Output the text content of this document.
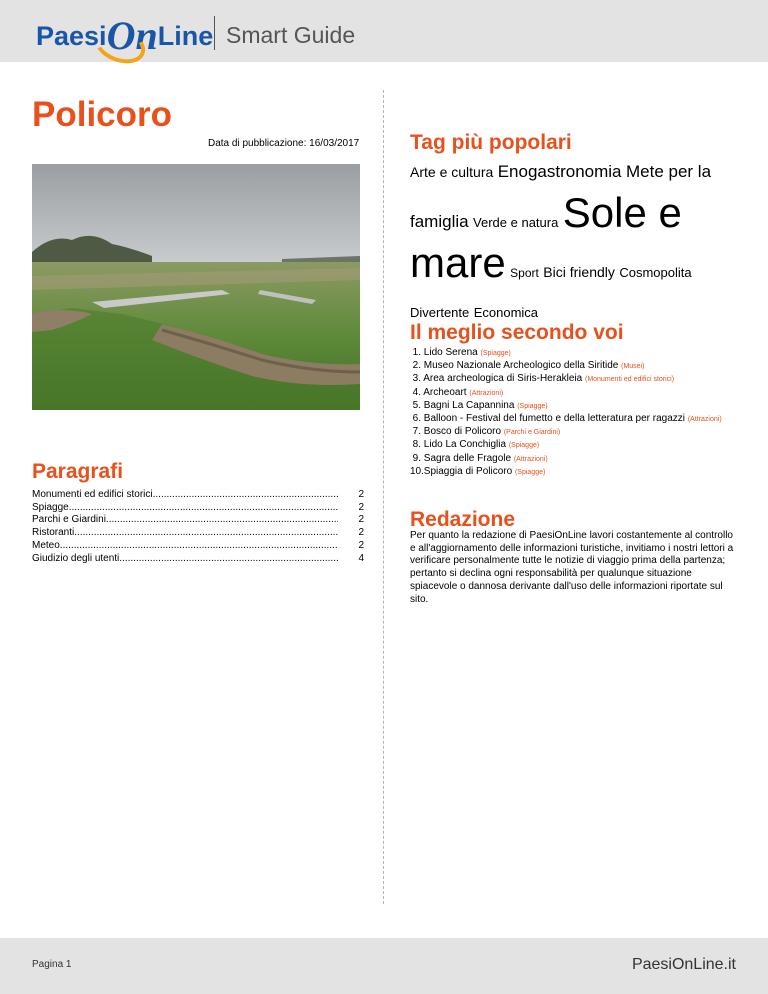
PaesiOnLine Smart Guide
Policoro
Data di pubblicazione: 16/03/2017
Paragrafi
Monumenti ed edifici storici .....	2
Spiagge .....	2
Parchi e Giardini .....	2
Ristoranti .....	2
Meteo .....	2
Giudizio degli utenti .....	4
Tag più popolari
Arte e cultura Enogastronomia Mete per la famiglia Verde e natura Sole e mare Sport Bici friendly Cosmopolita Divertente Economica
Il meglio secondo voi
1. Lido Serena (Spiagge)
2. Museo Nazionale Archeologico della Siritide (Musei)
3. Area archeologica di Siris-Herakleia (Monumenti ed edifici storici)
4. Archeoart (Attrazioni)
5. Bagni La Capannina (Spiagge)
6. Balloon - Festival del fumetto e della letteratura per ragazzi (Attrazioni)
7. Bosco di Policoro (Parchi e Giardini)
8. Lido La Conchiglia (Spiagge)
9. Sagra delle Fragole (Attrazioni)
10. Spiaggia di Policoro (Spiagge)
Redazione

Per quanto la redazione di PaesiOnLine lavori costantemente al controllo e all'aggiornamento delle informazioni turistiche, invitiamo i nostri lettori a verificare personalmente tutte le notizie di viaggio prima della partenza; pertanto si declina ogni responsabilità per qualunque situazione spiacevole o dannosa derivante dall'uso delle informazioni riportate sul sito.

Pagina 1	PaesiOnLine.it
